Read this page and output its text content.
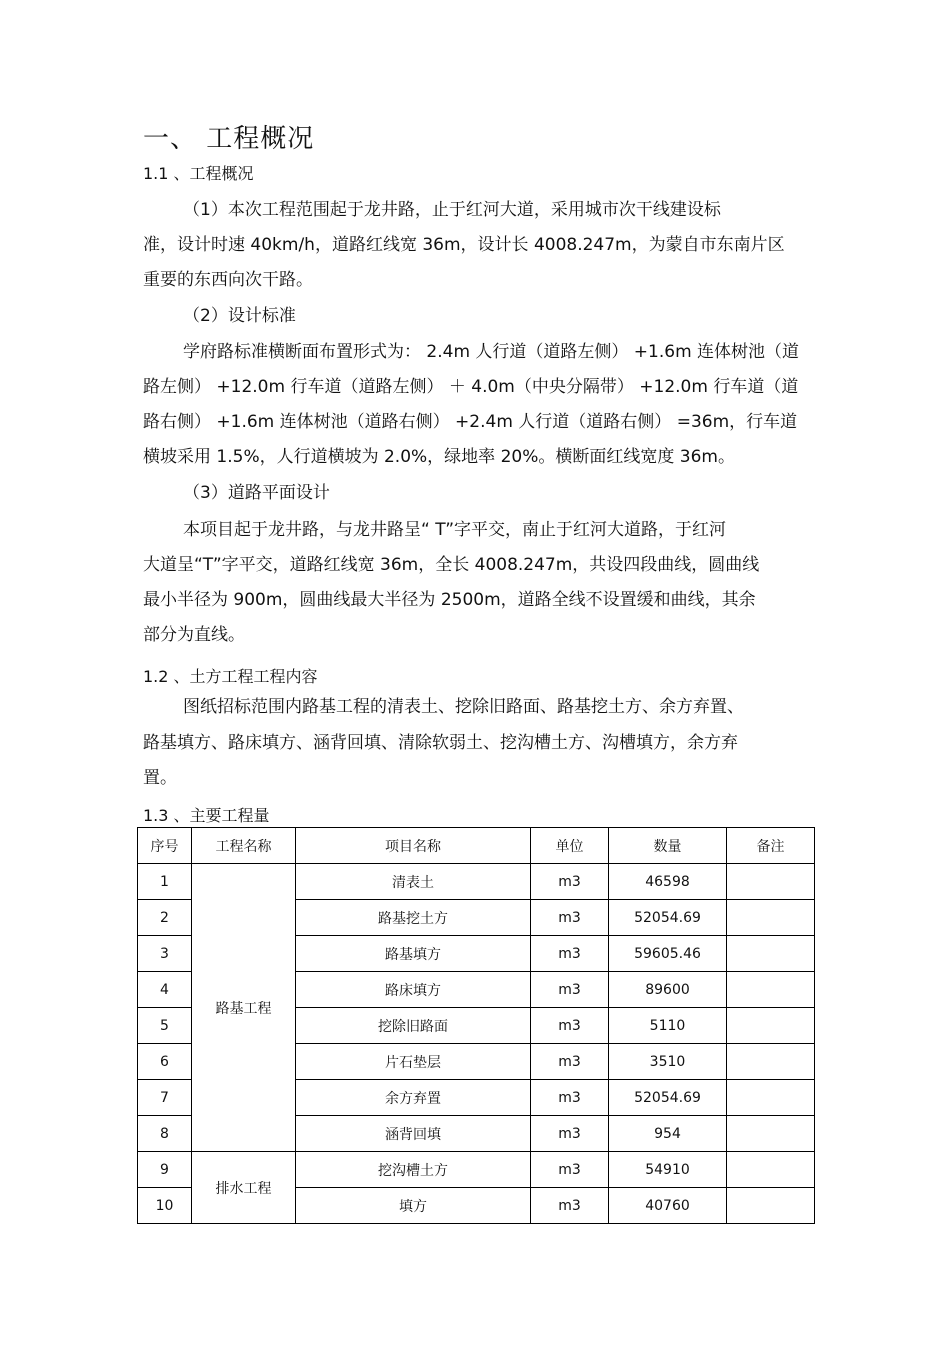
一、 工程概况
1.1 、工程概况
（1）本次工程范围起于龙井路，止于红河大道，采用城市次干线建设标
准，设计时速 40km/h，道路红线宽 36m，设计长 4008.247m，为蒙自市东南片区
重要的东西向次干路。
（2）设计标准
学府路标准横断面布置形式为： 2.4m 人行道（道路左侧） +1.6m 连体树池（道
路左侧） +12.0m 行车道（道路左侧） ＋ 4.0m（中央分隔带） +12.0m 行车道（道
路右侧） +1.6m 连体树池（道路右侧） +2.4m 人行道（道路右侧） =36m，行车道
横坡采用 1.5%，人行道横坡为 2.0%，绿地率 20%。横断面红线宽度 36m。
（3）道路平面设计
本项目起于龙井路，与龙井路呈“ T”字平交，南止于红河大道路，于红河
大道呈“T”字平交，道路红线宽 36m，全长 4008.247m，共设四段曲线，圆曲线
最小半径为 900m，圆曲线最大半径为 2500m，道路全线不设置缓和曲线，其余
部分为直线。
1.2 、土方工程工程内容
图纸招标范围内路基工程的清表土、挖除旧路面、路基挖土方、余方弃置、
路基填方、路床填方、涵背回填、清除软弱土、挖沟槽土方、沟槽填方，余方弃
置。
1.3 、主要工程量
序号	工程名称	项目名称	单位	数量	备注
1	路基工程	清表土	m3	46598	
2		路基挖土方	m3	52054.69	
3		路基填方	m3	59605.46	
4		路床填方	m3	89600	
5		挖除旧路面	m3	5110	
6		片石垫层	m3	3510	
7		余方弃置	m3	52054.69	
8		涵背回填	m3	954	
9	排水工程	挖沟槽土方	m3	54910	
10		填方	m3	40760	
